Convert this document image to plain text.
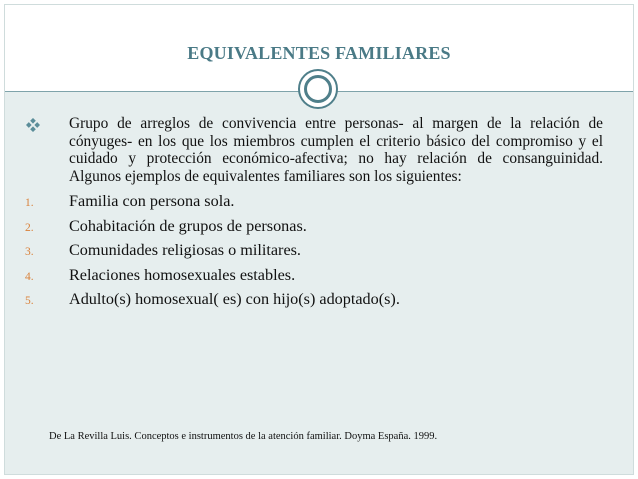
EQUIVALENTES FAMILIARES
Grupo de arreglos de convivencia entre personas- al margen de la relación de cónyuges- en los que los miembros cumplen el criterio básico del compromiso y el cuidado y protección económico-afectiva; no hay relación de consanguinidad. Algunos ejemplos de equivalentes familiares son los siguientes:
1. Familia con persona sola.
2. Cohabitación de grupos de personas.
3. Comunidades religiosas o militares.
4. Relaciones homosexuales estables.
5. Adulto(s) homosexual( es) con hijo(s) adoptado(s).

De La Revilla Luis. Conceptos e instrumentos de la atención familiar. Doyma España. 1999.
